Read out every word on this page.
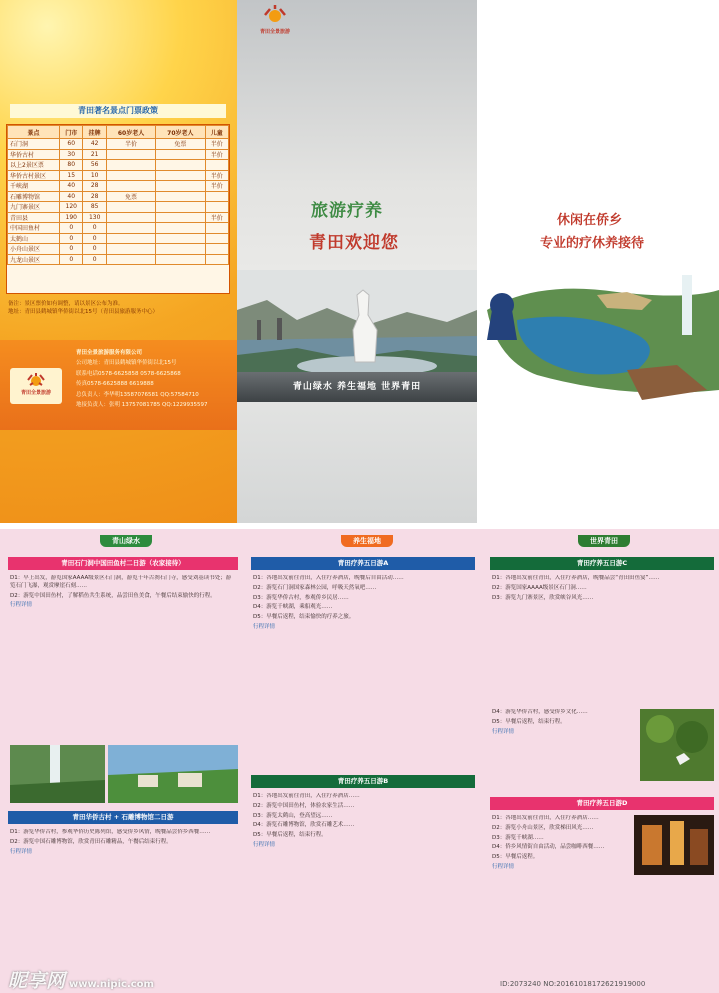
青田著名景点门票政策
景点	门市	挂牌	60岁老人	70岁老人	儿童
石门洞	60	42	半价	免票	半价
华侨古村	30	21			半价
以上2景区票	80	56			
华侨古村景区	15	10			半价
千峡湖	40	28			半价
石雕博物馆	40	28	免票		
九门寨景区	120	85			
青田县	190	130			半价
中国田鱼村	0	0			
太鹤山	0	0			
小舟山景区	0	0			
九龙山景区	0	0			
备注：景区票价如有调整，请以景区公布为准。
地址：青田县鹤城镇华侨街以北15号（青田县旅游服务中心）
青田全景旅游
青田全景旅游服务有限公司
公司地址：青田县鹤城镇华侨街以北15号
联系电话0578-6625858 0578-6625868
传真0578-6625888 6619888
总负责人：李华明13587076581 QQ:57584710
地接负责人：张明 13757081785 QQ:1229935597
青田全景旅游
旅游疗养
青田欢迎您
青山绿水 养生福地 世界青田
休闲在侨乡
专业的疗休养接待
青山绿水
青田石门洞中国田鱼村二日游（农家接待）

D1：早上出发，游览国家AAAA级景区石门洞，游览千年古刹石门寺，感受刘基读书处；游览石门飞瀑，观赏摩崖石刻……

D2：游览中国田鱼村，了解稻鱼共生系统，品尝田鱼美食，午餐后结束愉快的行程。

行程详情

青田华侨古村 + 石雕博物馆二日游

D1：游览华侨古村，参观华侨历史陈列馆，感受侨乡风情，晚餐品尝侨乡西餐……

D2：游览中国石雕博物馆，欣赏青田石雕精品，午餐后结束行程。

行程详情

养生福地
青田疗养五日游A

D1：各地出发前往青田，入住疗养酒店，晚餐后自由活动……

D2：游览石门洞国家森林公园，呼吸天然氧吧……

D3：游览华侨古村，参观侨乡民居……

D4：游览千峡湖，乘船观光……

D5：早餐后返程，结束愉快的疗养之旅。

行程详情

青田疗养五日游B

D1：各地出发前往青田，入住疗养酒店……

D2：游览中国田鱼村，体验农家生活……

D3：游览太鹤山，登高望远……

D4：游览石雕博物馆，欣赏石雕艺术……

D5：早餐后返程，结束行程。

行程详情

世界青田
青田疗养五日游C

D1：各地出发前往青田，入住疗养酒店，晚餐品尝“青田田鱼宴”……

D2：游览国家AAAA级景区石门洞……

D3：游览九门寨景区，欣赏峡谷风光……

D4：游览华侨古村，感受侨乡文化……

D5：早餐后返程，结束行程。

行程详情

青田疗养五日游D

D1：各地出发前往青田，入住疗养酒店……

D2：游览小舟山景区，欣赏梯田风光……

D3：游览千峡湖……

D4：侨乡风情街自由活动，品尝咖啡西餐……

D5：早餐后返程。

行程详情

昵享网 www.nipic.com	ID:2073240 NO:20161018172621919000
